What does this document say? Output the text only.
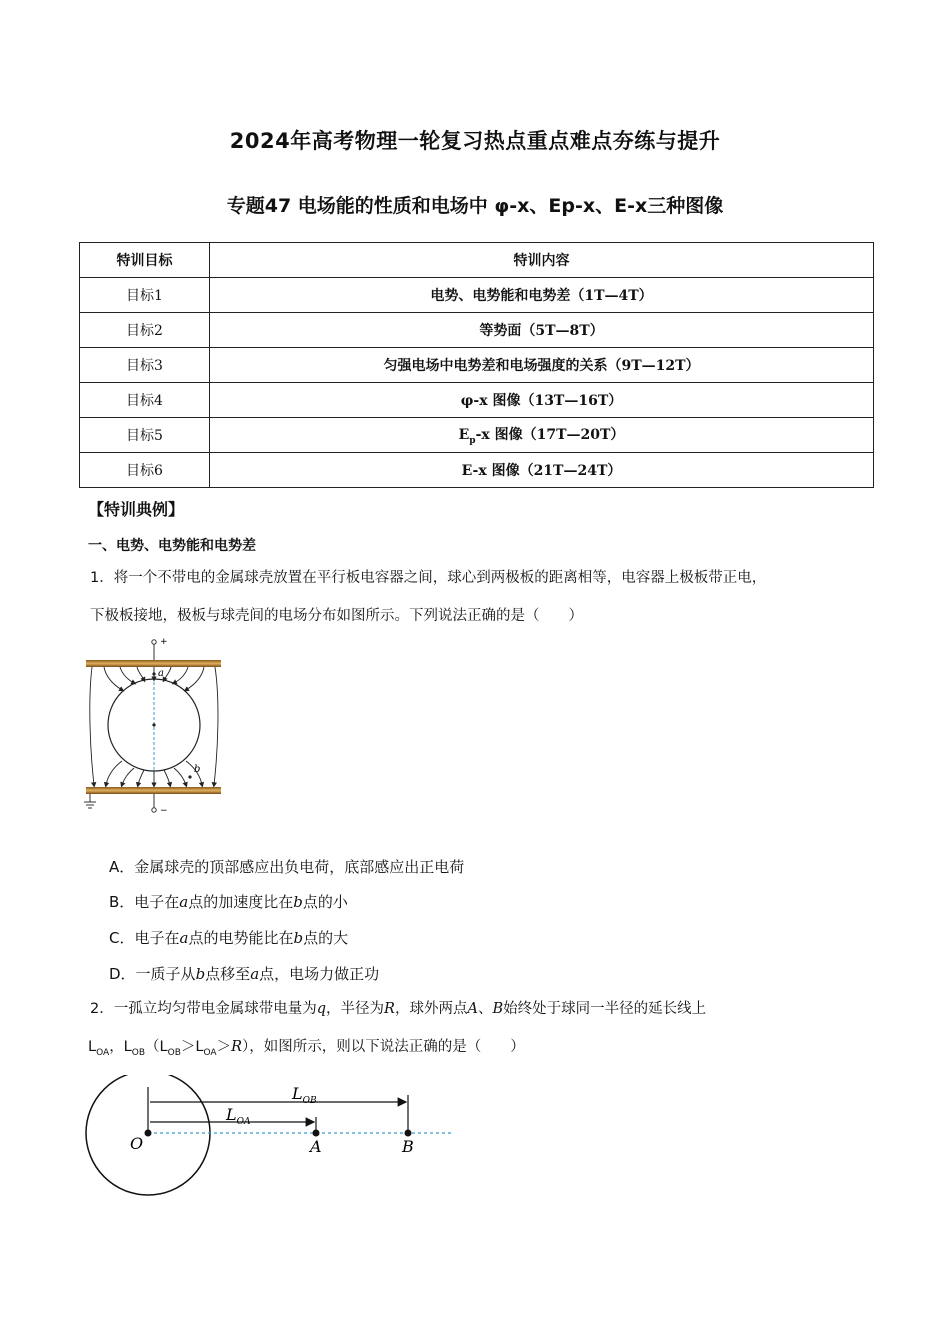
2024年高考物理一轮复习热点重点难点夯练与提升
专题47 电场能的性质和电场中 φ-x、Ep-x、E-x三种图像
特训目标	特训内容
目标1	电势、电势能和电势差（1T—4T）
目标2	等势面（5T—8T）
目标3	匀强电场中电势差和电场强度的关系（9T—12T）
目标4	φ-x 图像（13T—16T）
目标5	$E_p-x$ 图像（17T—20T）
目标6	E-x 图像（21T—24T）
【特训典例】
一、电势、电势能和电势差
1．将一个不带电的金属球壳放置在平行板电容器之间，球心到两极板的距离相等，电容器上极板带正电，
下极板接地，极板与球壳间的电场分布如图所示。下列说法正确的是（　　）
+
−
a
b
A．金属球壳的顶部感应出负电荷，底部感应出正电荷
B．电子在a点的加速度比在b点的小
C．电子在a点的电势能比在b点的大
D．一质子从b点移至a点，电场力做正功
2．一孤立均匀带电金属球带电量为q，半径为R，球外两点A、B始终处于球同一半径的延长线上
$L_{OA}$，$L_{OB}(L_{OB}>L_{OA}>R)$，如图所示，则以下说法正确的是（　　）
$L_{OA}$
$L_{OB}$
O	A	B
